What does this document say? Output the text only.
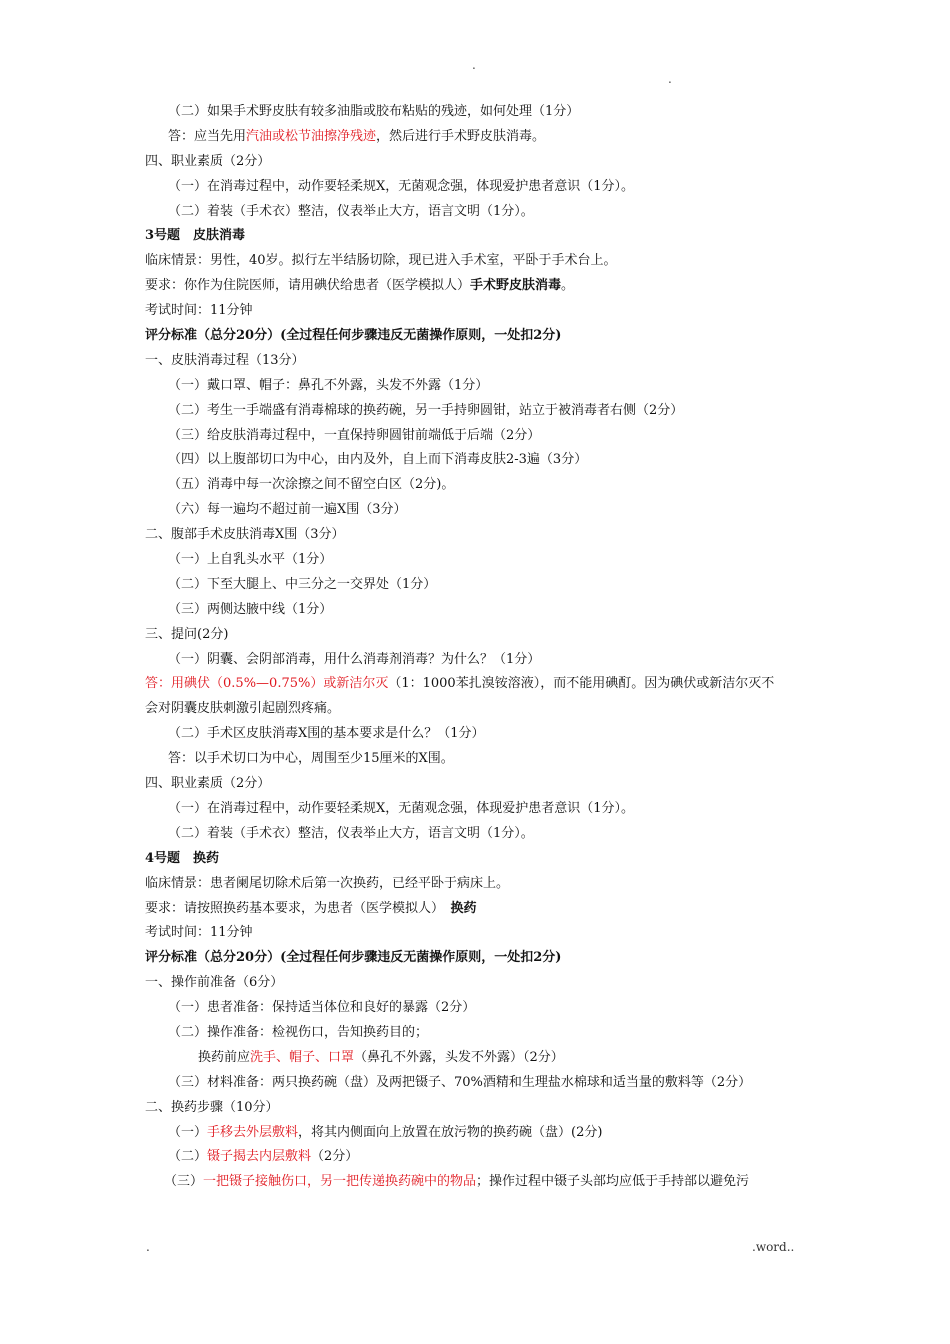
.
.
（二）如果手术野皮肤有较多油脂或胶布粘贴的残迹，如何处理（1分）
答：应当先用汽油或松节油擦净残迹，然后进行手术野皮肤消毒。
四、职业素质（2分）
（一）在消毒过程中，动作要轻柔规X，无菌观念强，体现爱护患者意识（1分）。
（二）着装（手术衣）整洁，仪表举止大方，语言文明（1分）。
3号题　皮肤消毒
临床情景：男性，40岁。拟行左半结肠切除，现已进入手术室，平卧于手术台上。
要求：你作为住院医师，请用碘伏给患者（医学模拟人）手术野皮肤消毒。
考试时间：11分钟
评分标准（总分20分）(全过程任何步骤违反无菌操作原则，一处扣2分)
一、皮肤消毒过程（13分）
（一）戴口罩、帽子：鼻孔不外露，头发不外露（1分）
（二）考生一手端盛有消毒棉球的换药碗，另一手持卵圆钳，站立于被消毒者右侧（2分）
（三）给皮肤消毒过程中，一直保持卵圆钳前端低于后端（2分）
（四）以上腹部切口为中心，由内及外，自上而下消毒皮肤2-3遍（3分）
（五）消毒中每一次涂擦之间不留空白区（2分)。
（六）每一遍均不超过前一遍X围（3分）
二、腹部手术皮肤消毒X围（3分）
（一）上自乳头水平（1分）
（二）下至大腿上、中三分之一交界处（1分）
（三）两侧达腋中线（1分）
三、提问(2分)
（一）阴囊、会阴部消毒，用什么消毒剂消毒？为什么？（1分）
答：用碘伏（0.5%—0.75%）或新洁尔灭（1：1000苯扎溴铵溶液），而不能用碘酊。因为碘伏或新洁尔灭不
会对阴囊皮肤刺激引起剧烈疼痛。
（二）手术区皮肤消毒X围的基本要求是什么？（1分）
答：以手术切口为中心，周围至少15厘米的X围。
四、职业素质（2分）
（一）在消毒过程中，动作要轻柔规X，无菌观念强，体现爱护患者意识（1分）。
（二）着装（手术衣）整洁，仪表举止大方，语言文明（1分）。
4号题　换药
临床情景：患者阑尾切除术后第一次换药，已经平卧于病床上。
要求：请按照换药基本要求，为患者（医学模拟人）　换药
考试时间：11分钟
评分标准（总分20分）(全过程任何步骤违反无菌操作原则，一处扣2分)
一、操作前准备（6分）
（一）患者准备：保持适当体位和良好的暴露（2分）
（二）操作准备：检视伤口，告知换药目的；
换药前应洗手、帽子、口罩（鼻孔不外露，头发不外露）（2分）
（三）材料准备：两只换药碗（盘）及两把镊子、70%酒精和生理盐水棉球和适当量的敷料等（2分）
二、换药步骤（10分）
（一）手移去外层敷料，将其内侧面向上放置在放污物的换药碗（盘）(2分)
（二）镊子揭去内层敷料（2分）
（三）一把镊子接触伤口，另一把传递换药碗中的物品；操作过程中镊子头部均应低于手持部以避免污
.	.word..
